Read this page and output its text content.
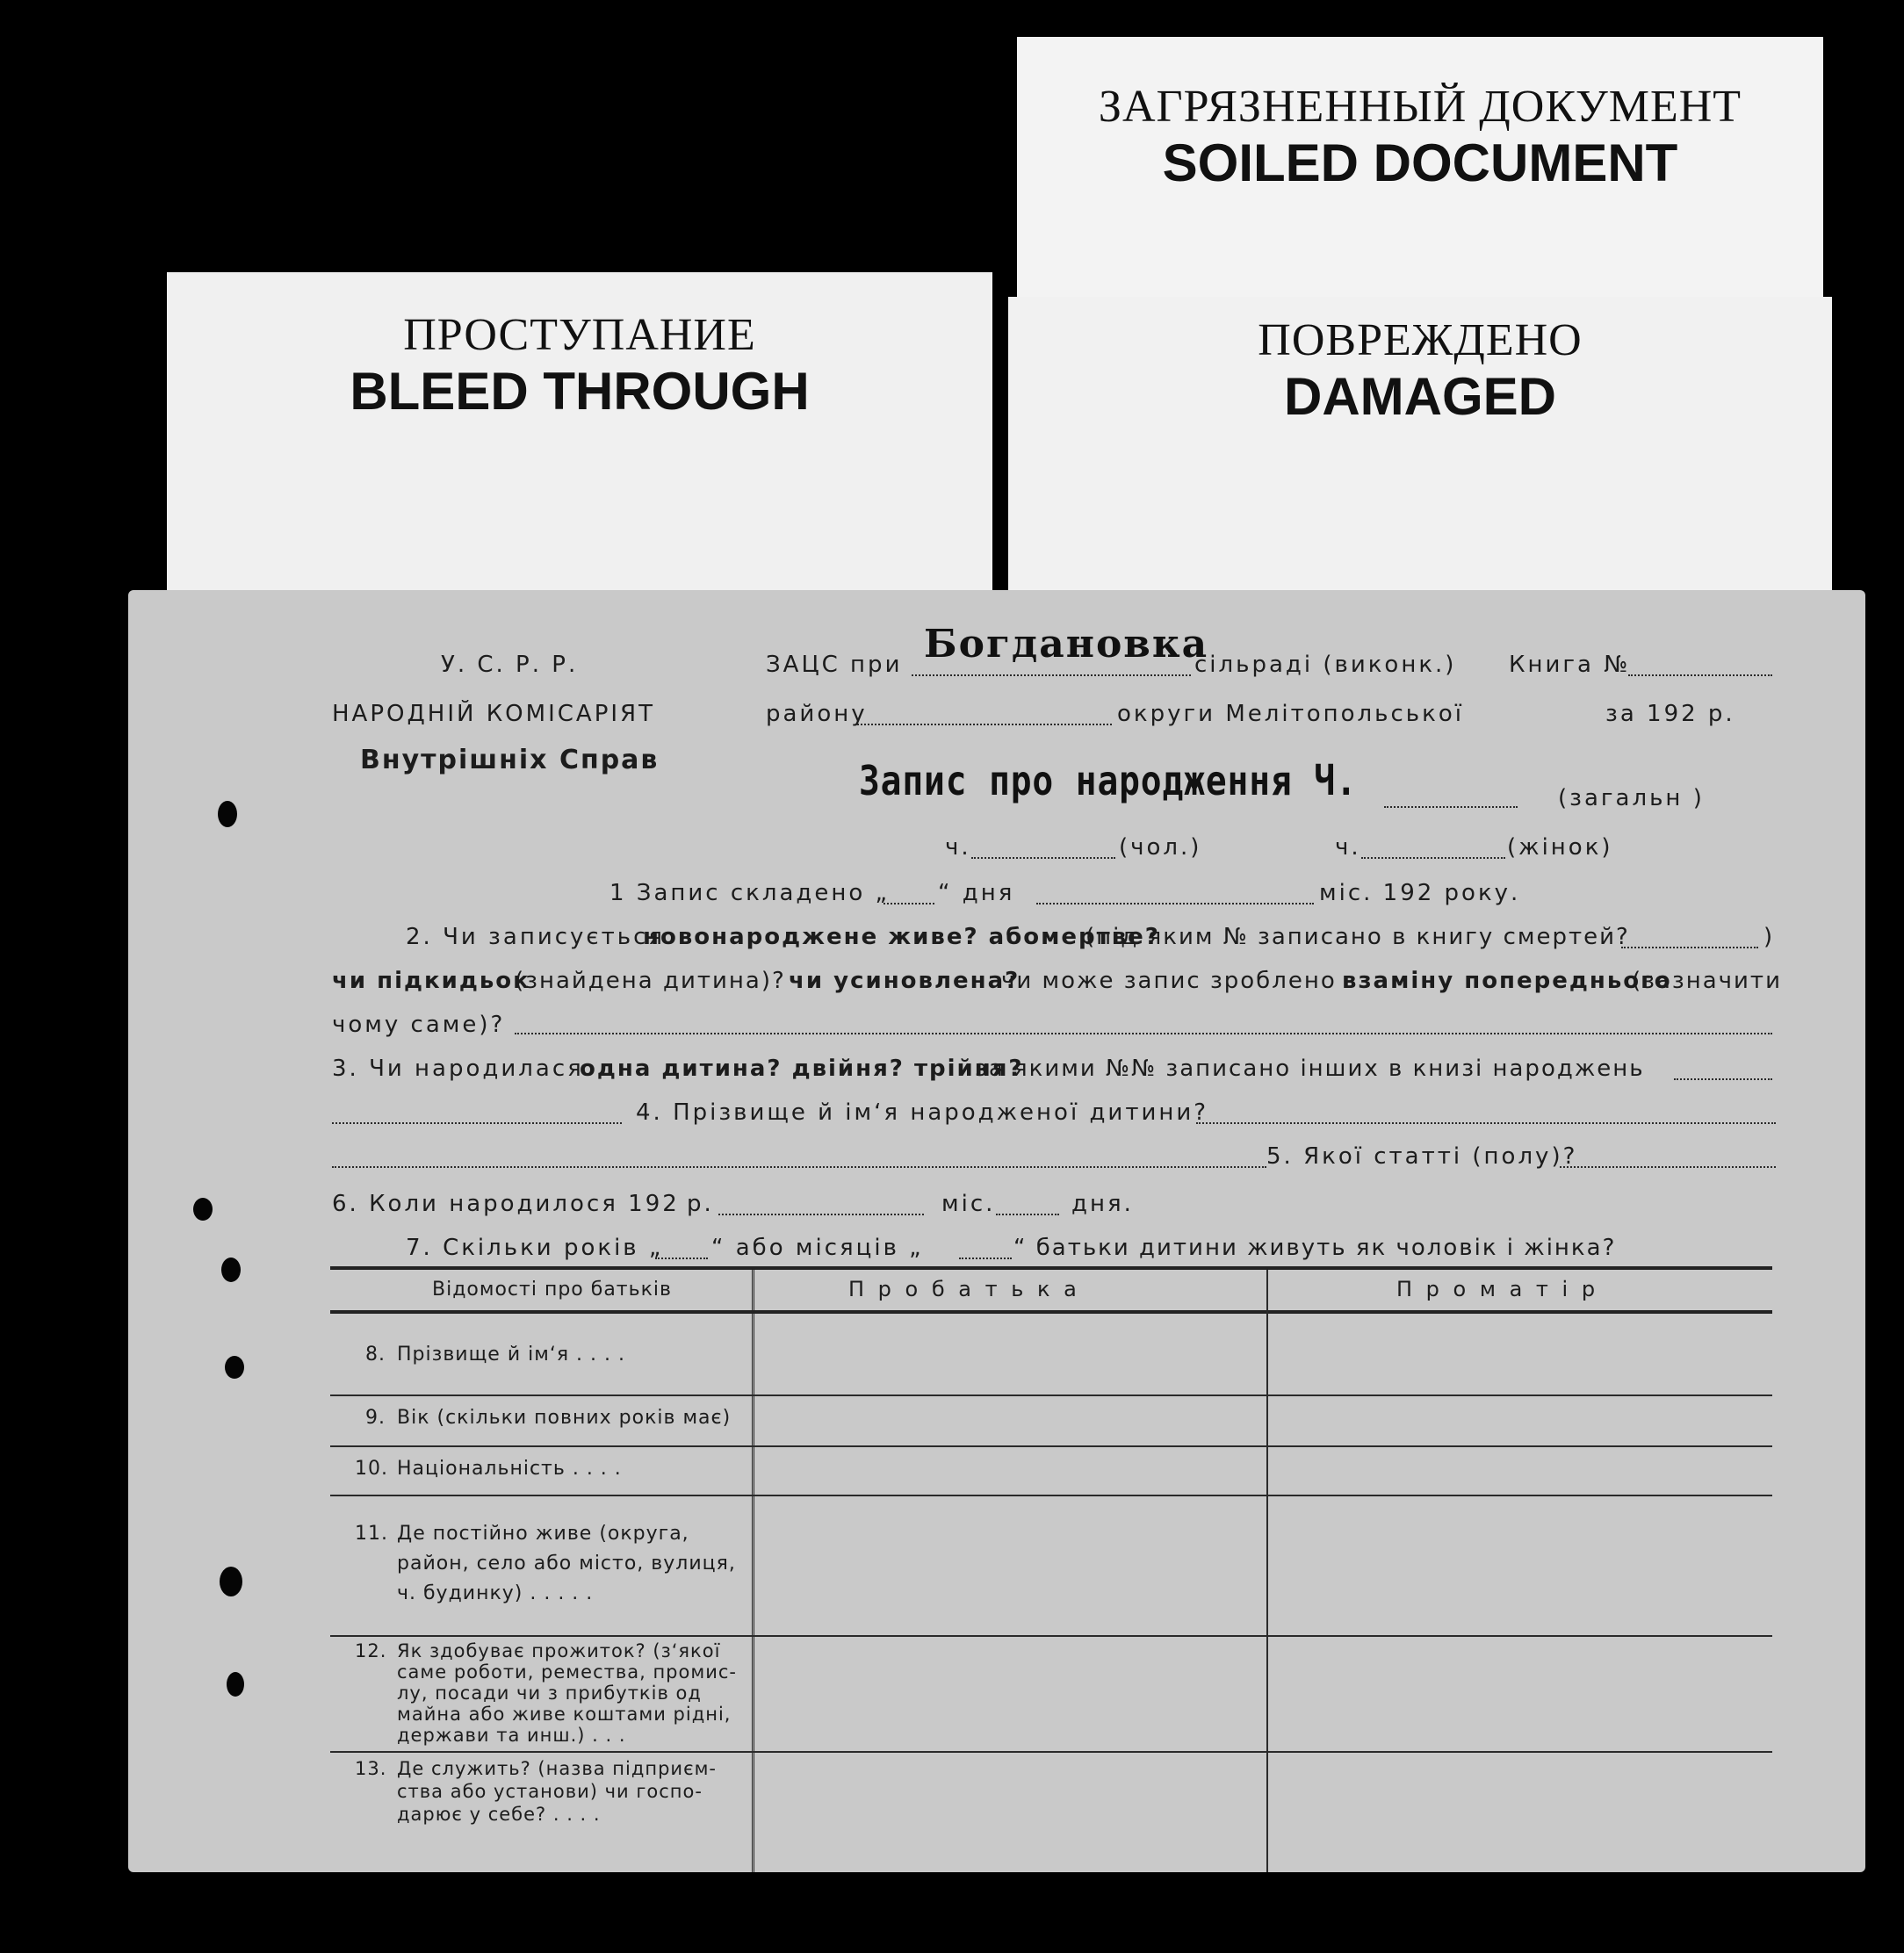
ЗАГРЯЗНЕННЫЙ ДОКУМЕНТ
SOILED DOCUMENT
ПОВРЕЖДЕНО
DAMAGED
ПРОСТУПАНИЕ
BLEED THROUGH
У. С. Р. Р.
НАРОДНІЙ КОМІСАРІЯТ
Внутрішніх Справ
ЗАЦС при Богдановка
сільраді (виконк.) Книга №
району	округи Мелітопольської	за 192 р.
Запис про народження Ч.	(загальн )
ч.	(чол.)	ч.	(жінок)
1 Запис складено „ “ дня	міс. 192 року.
2. Чи записується
новонароджене живе? абомертве?
(під яким № записано в книгу смертей?	)
чи підкидьок
(знайдена дитина)? чи усиновлена?
чи може запис зроблено взаміну попереднього
(зазначити
чому саме)?
3. Чи народилася
одна дитина? двійня? трійня?
за якими №№ записано інших в книзі народжень
4. Прізвище й ім‘я народженої дитини?
5. Якої статті (полу)?
6. Коли народилося 192 р.	міс.	дня.
7. Скільки років „ “ або місяців „	“ батьки дитини живуть як чоловік і жінка?
Відомості про батьків	П р о б а т ь к а	П р о м а т і р
8. Прізвище й ім‘я . . . .
9. Вік (скільки повних років має)
10. Національність . . . .
11. Де постійно живе (округа,
район, село або місто, вулиця,
ч. будинку) . . . . .
12. Як здобуває прожиток? (з‘якої
саме роботи, ремества, промис-
лу, посади чи з прибутків од
майна або живе коштами рідні,
держави та инш.) . . .
13. Де служить? (назва підприєм-
ства або установи) чи госпо-
дарює у себе? . . . .
